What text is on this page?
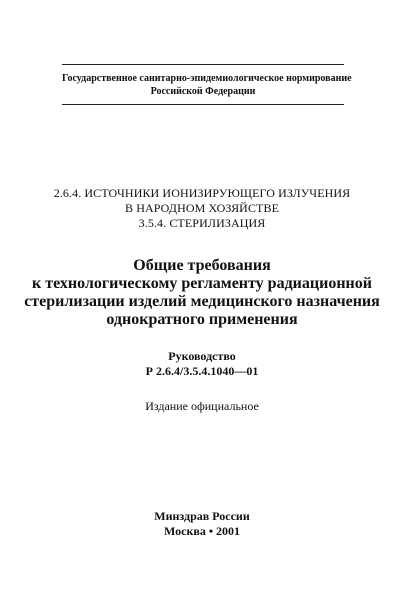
Государственное санитарно-эпидемиологическое нормирование
Российской Федерации
2.6.4. ИСТОЧНИКИ ИОНИЗИРУЮЩЕГО ИЗЛУЧЕНИЯ
В НАРОДНОМ ХОЗЯЙСТВЕ
3.5.4. СТЕРИЛИЗАЦИЯ
Общие требования
к технологическому регламенту радиационной
стерилизации изделий медицинского назначения
однократного применения
Руководство
Р 2.6.4/3.5.4.1040—01
Издание официальное
Минздрав России
Москва • 2001
